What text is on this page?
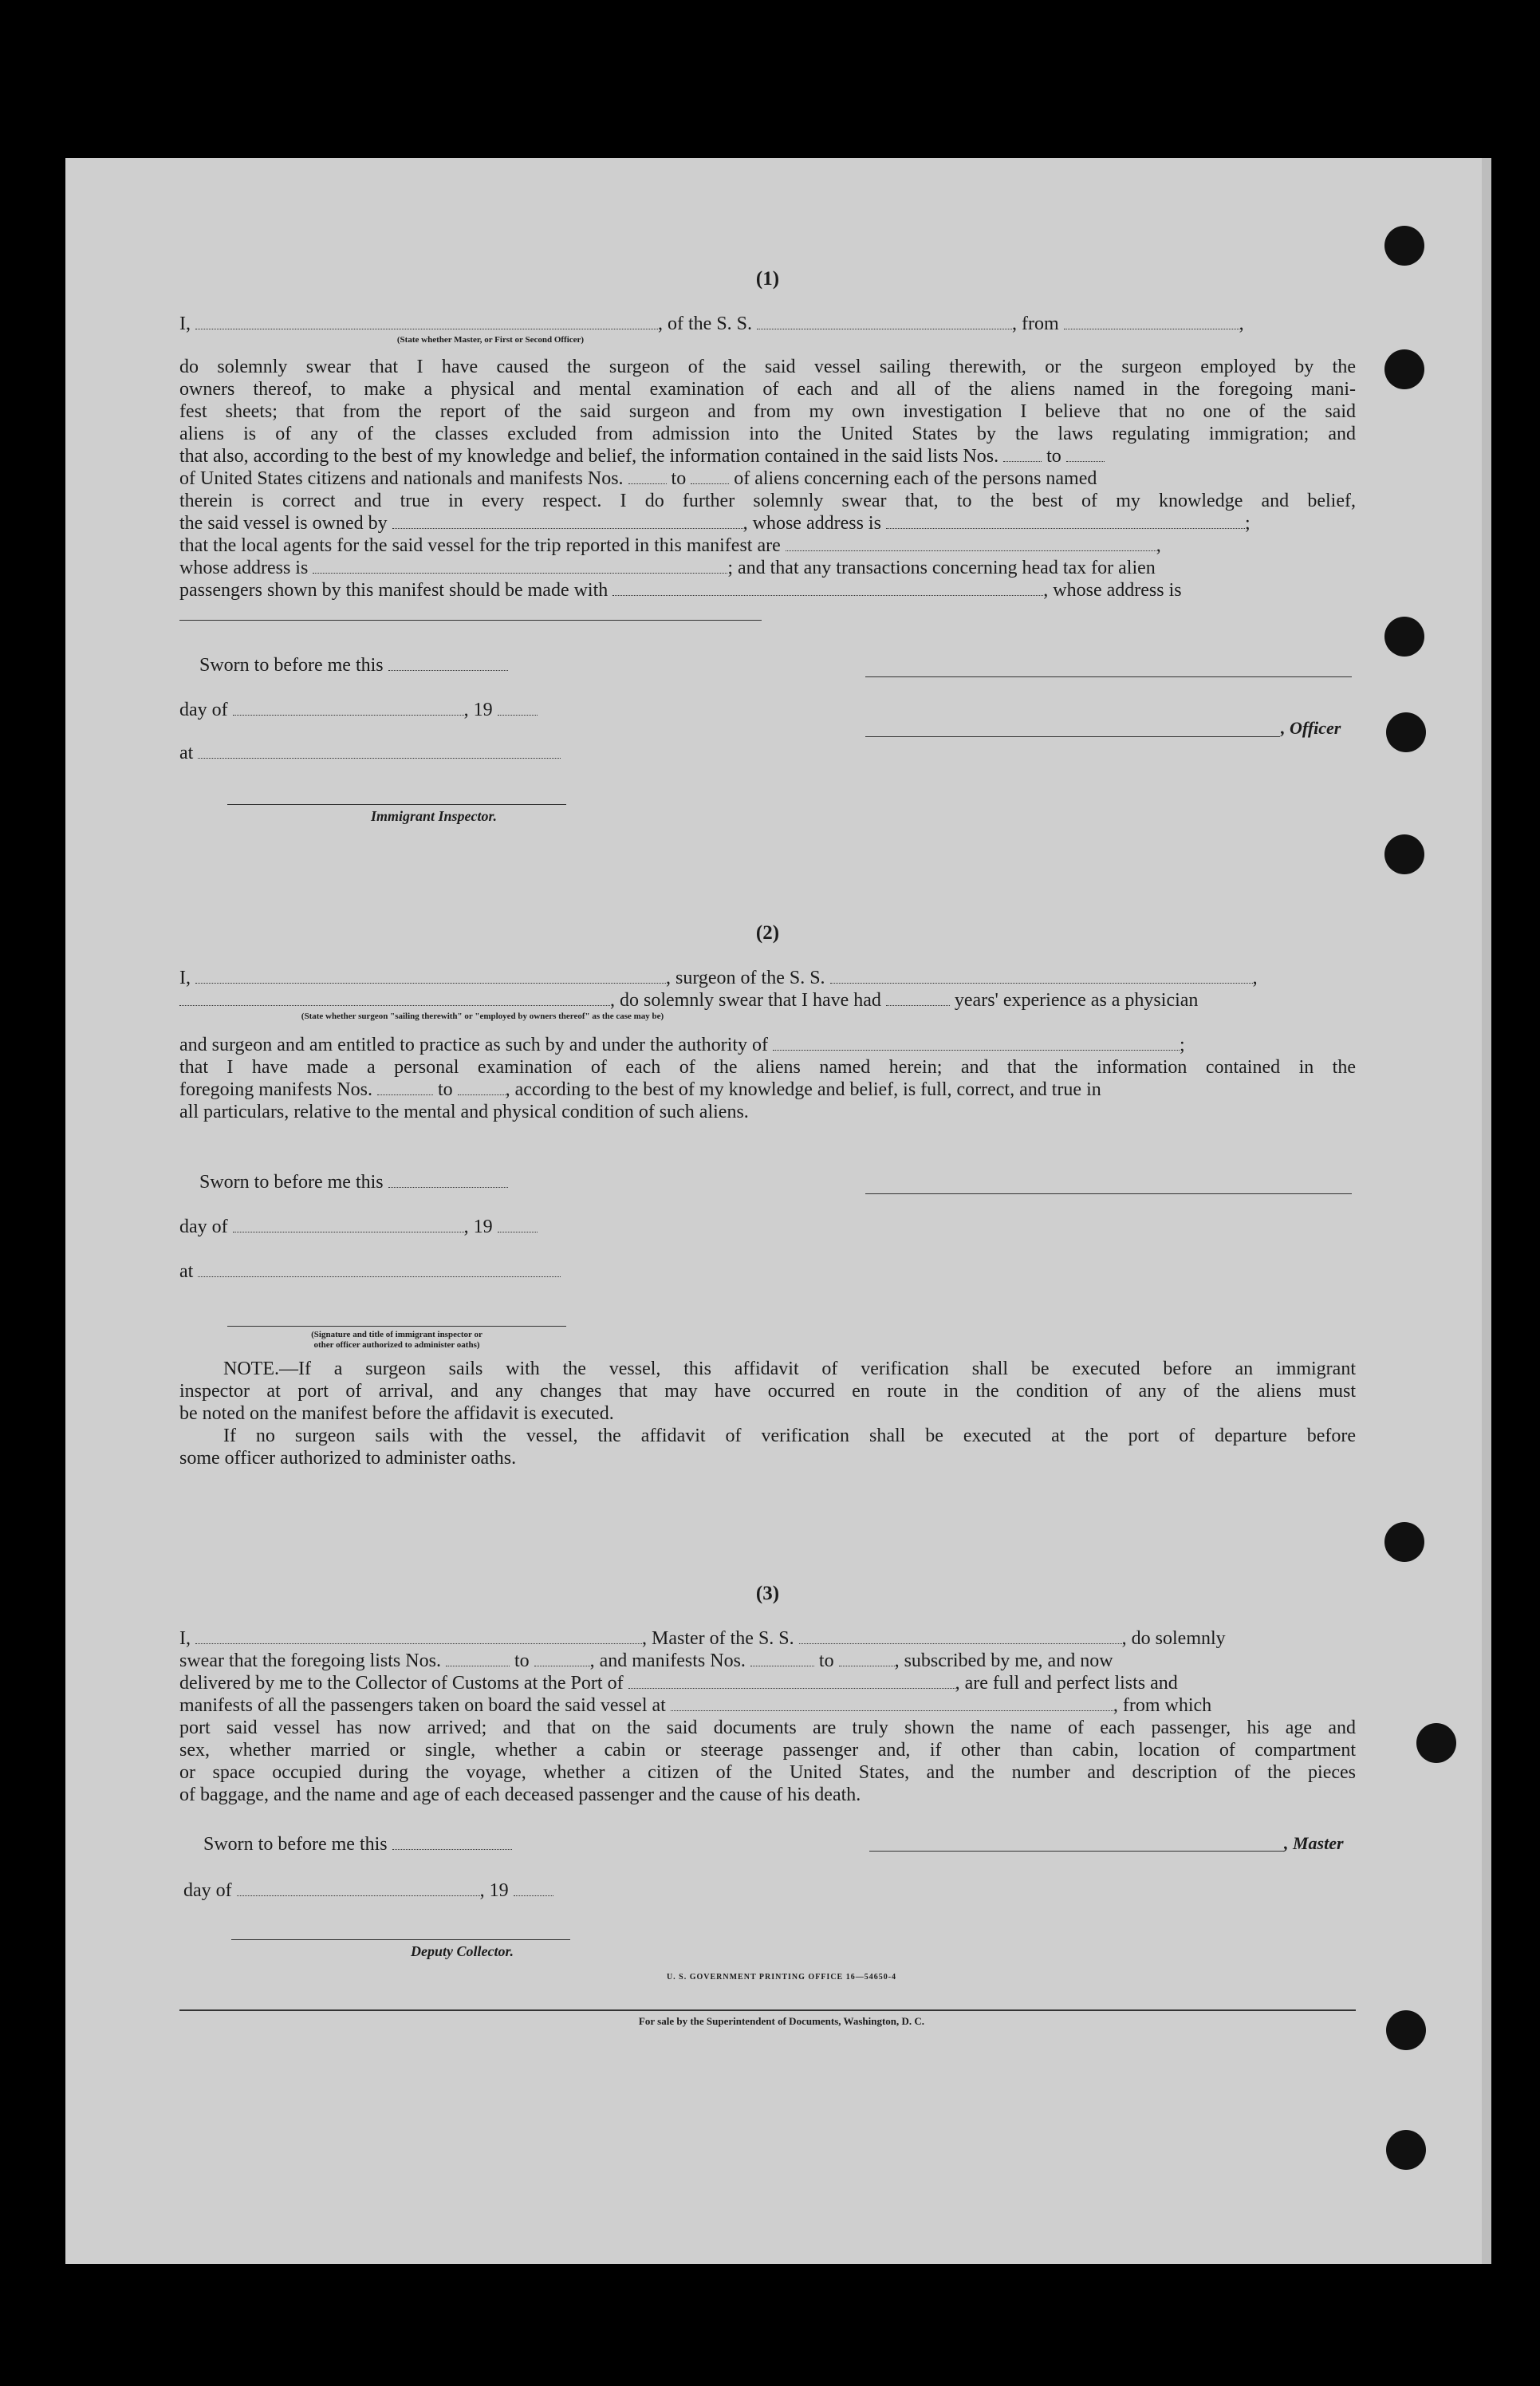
(1)
I,	, of the S. S.	, from	,
(State whether Master, or First or Second Officer)
do solemnly swear that I have caused the surgeon of the said vessel sailing therewith, or the surgeon employed by the
owners thereof, to make a physical and mental examination of each and all of the aliens named in the foregoing mani-
fest sheets; that from the report of the said surgeon and from my own investigation I believe that no one of the said
aliens is of any of the classes excluded from admission into the United States by the laws regulating immigration; and
that also, according to the best of my knowledge and belief, the information contained in the said lists Nos.	to
of United States citizens and nationals and manifests Nos.	to	of aliens concerning each of the persons named
therein is correct and true in every respect. I do further solemnly swear that, to the best of my knowledge and belief,
the said vessel is owned by	, whose address is	;
that the local agents for the said vessel for the trip reported in this manifest are	,
whose address is	; and that any transactions concerning head tax for alien
passengers shown by this manifest should be made with	, whose address is
Sworn to before me this
day of	, 19
, Officer
at
Immigrant Inspector.
(2)
I,	, surgeon of the S. S.	,
, do solemnly swear that I have had	years' experience as a physician
(State whether surgeon "sailing therewith" or "employed by owners thereof" as the case may be)
and surgeon and am entitled to practice as such by and under the authority of	;
that I have made a personal examination of each of the aliens named herein; and that the information contained in the
foregoing manifests Nos.	to	, according to the best of my knowledge and belief, is full, correct, and true in
all particulars, relative to the mental and physical condition of such aliens.
Sworn to before me this
day of	, 19
at
(Signature and title of immigrant inspector or
other officer authorized to administer oaths)
NOTE.—If a surgeon sails with the vessel, this affidavit of verification shall be executed before an immigrant
inspector at port of arrival, and any changes that may have occurred en route in the condition of any of the aliens must
be noted on the manifest before the affidavit is executed.
If no surgeon sails with the vessel, the affidavit of verification shall be executed at the port of departure before
some officer authorized to administer oaths.
(3)
I,	, Master of the S. S.	, do solemnly
swear that the foregoing lists Nos.	to	, and manifests Nos.	to	, subscribed by me, and now
delivered by me to the Collector of Customs at the Port of	, are full and perfect lists and
manifests of all the passengers taken on board the said vessel at	, from which
port said vessel has now arrived; and that on the said documents are truly shown the name of each passenger, his age and
sex, whether married or single, whether a cabin or steerage passenger and, if other than cabin, location of compartment
or space occupied during the voyage, whether a citizen of the United States, and the number and description of the pieces
of baggage, and the name and age of each deceased passenger and the cause of his death.
Sworn to before me this	, Master
day of	, 19
Deputy Collector.
U. S. GOVERNMENT PRINTING OFFICE 16—54650-4
For sale by the Superintendent of Documents, Washington, D. C.
